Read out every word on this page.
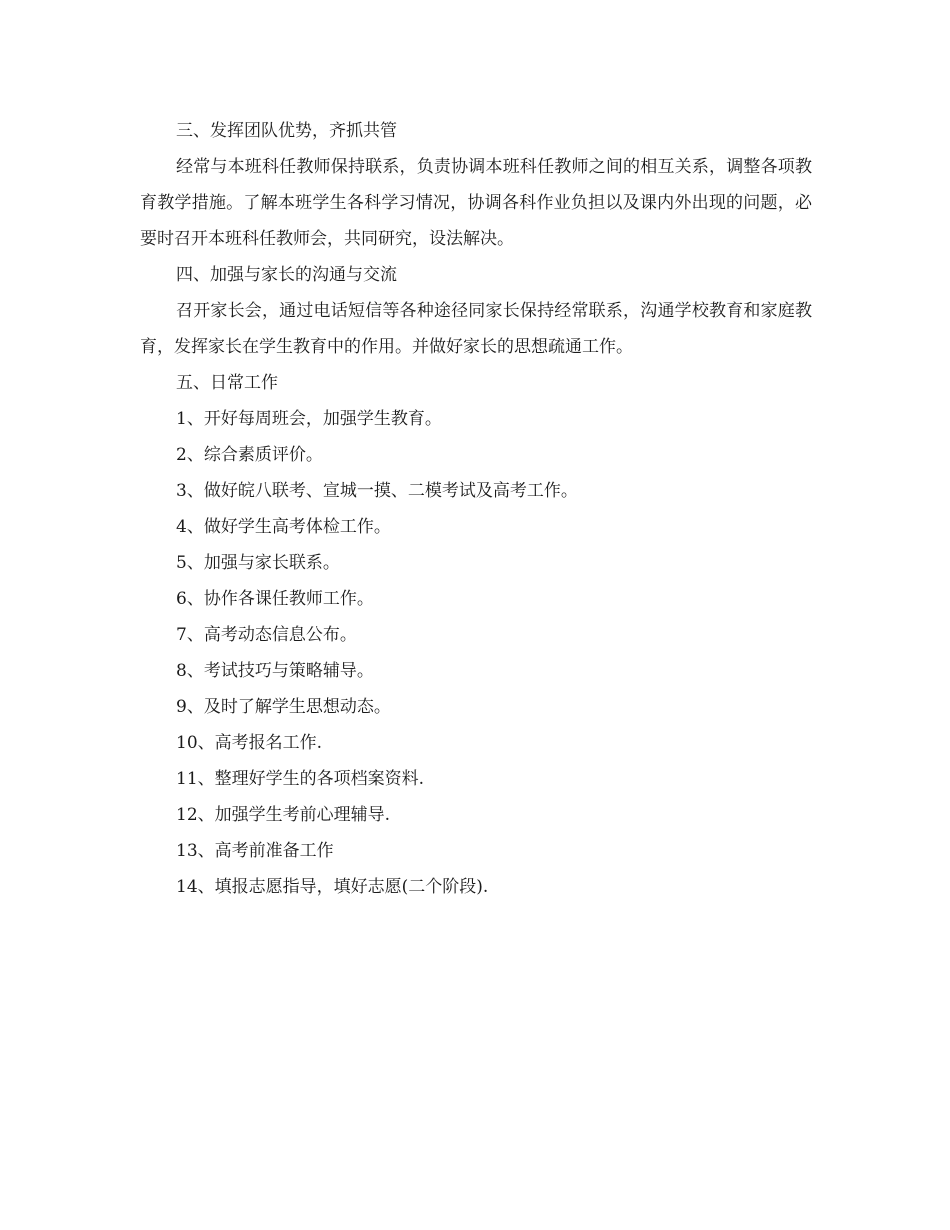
三、发挥团队优势，齐抓共管

经常与本班科任教师保持联系，负责协调本班科任教师之间的相互关系，调整各项教育教学措施。了解本班学生各科学习情况，协调各科作业负担以及课内外出现的问题，必要时召开本班科任教师会，共同研究，设法解决。

四、加强与家长的沟通与交流

召开家长会，通过电话短信等各种途径同家长保持经常联系，沟通学校教育和家庭教育，发挥家长在学生教育中的作用。并做好家长的思想疏通工作。

五、日常工作

1、开好每周班会，加强学生教育。

2、综合素质评价。

3、做好皖八联考、宣城一摸、二模考试及高考工作。

4、做好学生高考体检工作。

5、加强与家长联系。

6、协作各课任教师工作。

7、高考动态信息公布。

8、考试技巧与策略辅导。

9、及时了解学生思想动态。

10、高考报名工作.

11、整理好学生的各项档案资料.

12、加强学生考前心理辅导.

13、高考前准备工作

14、填报志愿指导，填好志愿(二个阶段).
